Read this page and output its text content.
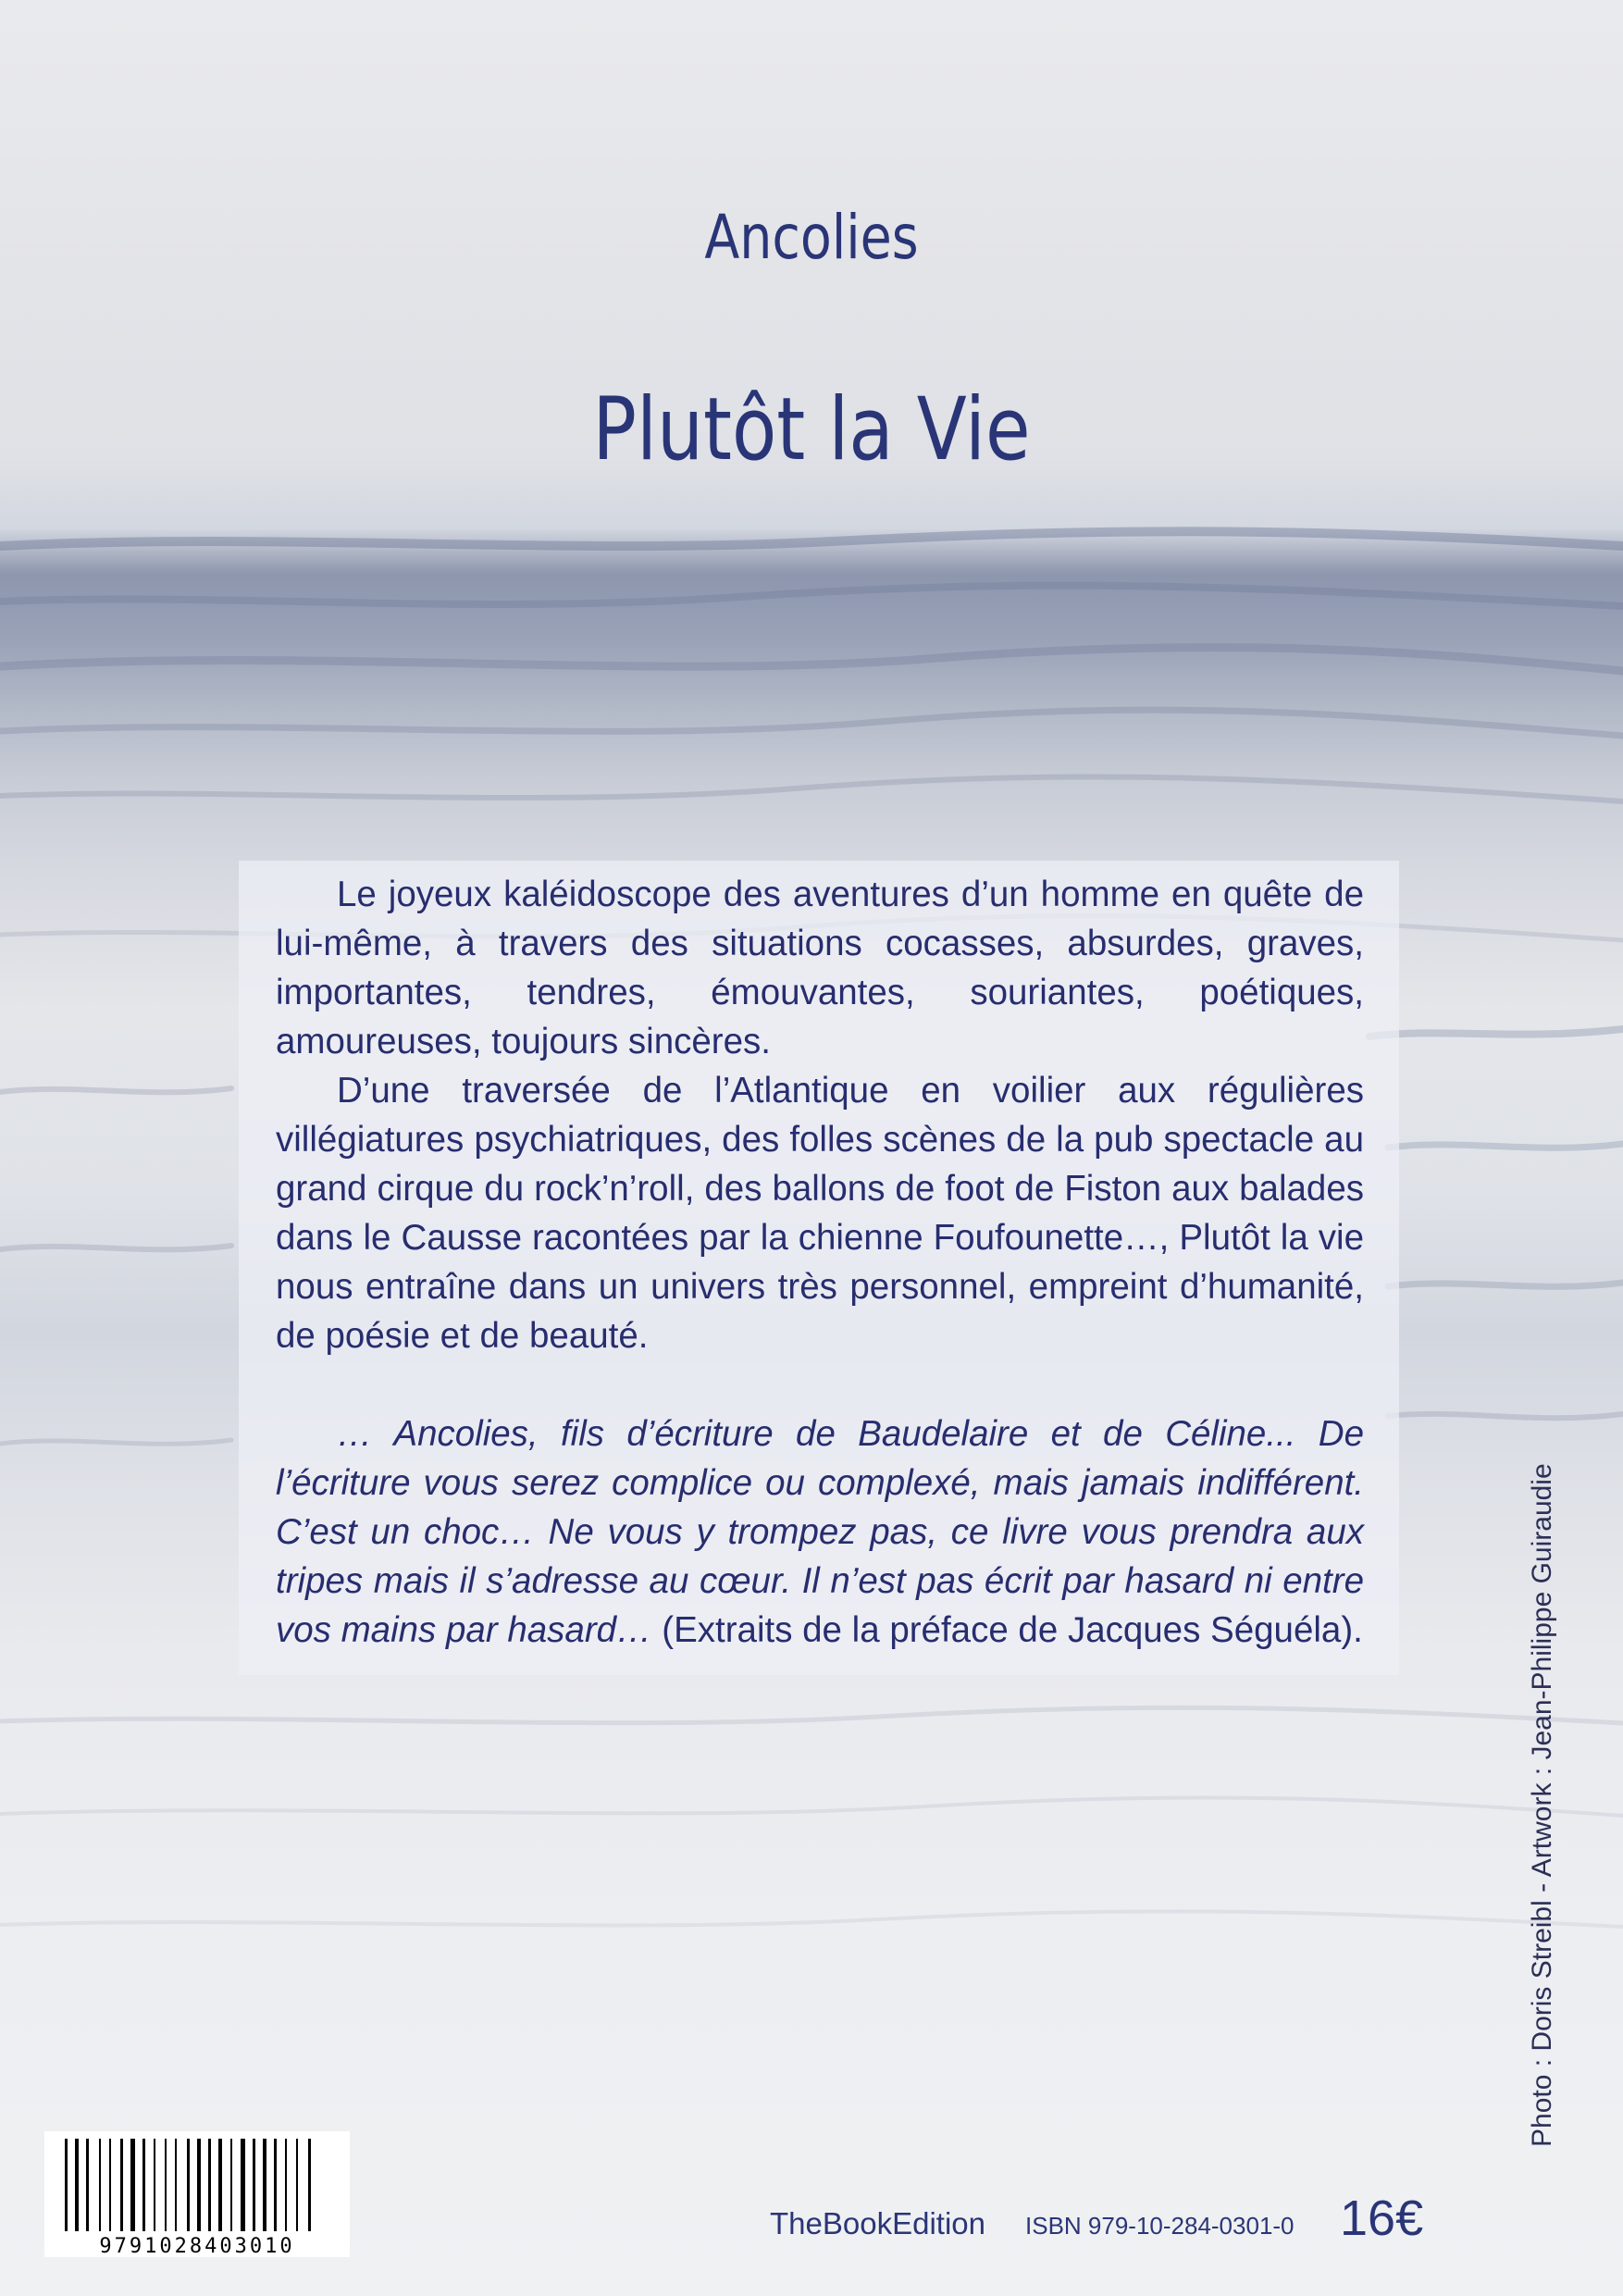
Ancolies
Plutôt la Vie

Le joyeux kaléidoscope des aventures d’un homme en quête de lui-même, à travers des situations cocasses, absurdes, graves, importantes, tendres, émouvantes, souriantes, poétiques, amoureuses, toujours sincères.

D’une traversée de l’Atlantique en voilier aux régulières villégiatures psychiatriques, des folles scènes de la pub spectacle au grand cirque du rock’n’roll, des ballons de foot de Fiston aux balades dans le Causse racontées par la chienne Foufounette…, Plutôt la vie nous entraîne dans un univers très personnel, empreint d’humanité, de poésie et de beauté.

… Ancolies, fils d’écriture de Baudelaire et de Céline... De l’écriture vous serez complice ou complexé, mais jamais indifférent. C’est un choc… Ne vous y trompez pas, ce livre vous prendra aux tripes mais il s’adresse au cœur. Il n’est pas écrit par hasard ni entre vos mains par hasard… (Extraits de la préface de Jacques Séguéla).	Photo : Doris Streibl - Artwork : Jean-Philippe Guiraudie
9791028403010
TheBookEdition ISBN 979-10-284-0301-0 16€
